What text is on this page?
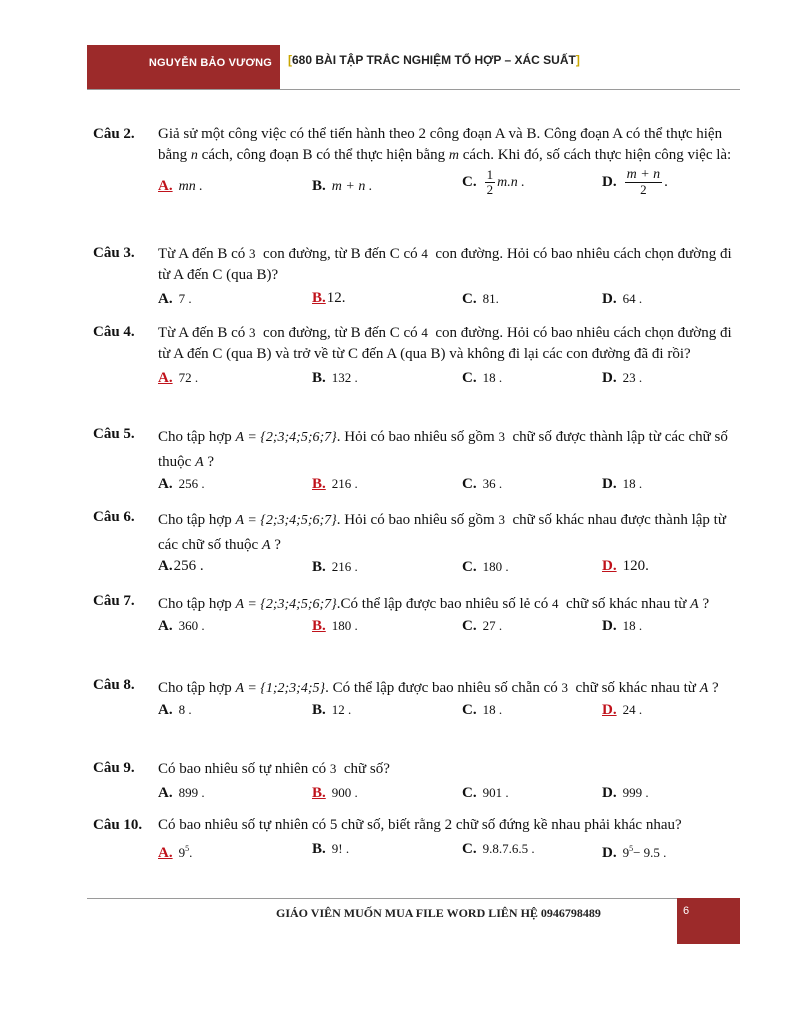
NGUYỄN BẢO VƯƠNG [680 BÀI TẬP TRẮC NGHIỆM TỔ HỢP – XÁC SUẤT]
Câu 2. Giả sử một công việc có thể tiến hành theo 2 công đoạn A và B. Công đoạn A có thể thực hiện bằng n cách, công đoạn B có thể thực hiện bằng m cách. Khi đó, số cách thực hiện công việc là:
A. mn .	B. m + n .	C. $\frac{1}{2} m.n$ .	D. $\frac{m + n}{2}$ .
Câu 3. Từ A đến B có 3 con đường, từ B đến C có 4 con đường. Hỏi có bao nhiêu cách chọn đường đi từ A đến C (qua B)?
A. 7 .	B.12.	C. 81.	D. 64 .
Câu 4. Từ A đến B có 3 con đường, từ B đến C có 4 con đường. Hỏi có bao nhiêu cách chọn đường đi từ A đến C (qua B) và trở về từ C đến A (qua B) và không đi lại các con đường đã đi rồi?
A. 72 .	B. 132 .	C. 18 .	D. 23 .
Câu 5. Cho tập hợp A = {2;3;4;5;6;7}. Hỏi có bao nhiêu số gồm 3 chữ số được thành lập từ các chữ số thuộc A ?
A. 256 .	B. 216 .	C. 36 .	D. 18 .
Câu 6. Cho tập hợp A = {2;3;4;5;6;7}. Hỏi có bao nhiêu số gồm 3 chữ số khác nhau được thành lập từ các chữ số thuộc A ?
A.256 .	B. 216 .	C. 180 .	D. 120.
Câu 7. Cho tập hợp A = {2;3;4;5;6;7}.Có thể lập được bao nhiêu số lẻ có 4 chữ số khác nhau từ A ?
A. 360 .	B. 180 .	C. 27 .	D. 18 .
Câu 8. Cho tập hợp A = {1;2;3;4;5}. Có thể lập được bao nhiêu số chẵn có 3 chữ số khác nhau từ A ?
A. 8 .	B. 12 .	C. 18 .	D. 24 .
Câu 9. Có bao nhiêu số tự nhiên có 3 chữ số?
A. 899 .	B. 900 .	C. 901 .	D. 999 .
Câu 10. Có bao nhiêu số tự nhiên có 5 chữ số, biết rằng 2 chữ số đứng kề nhau phải khác nhau?
A. $9^5$.	B. 9! .	C. 9.8.7.6.5 .	D. $9^5- 9.5$ .
GIÁO VIÊN MUỐN MUA FILE WORD LIÊN HỆ 0946798489	6
